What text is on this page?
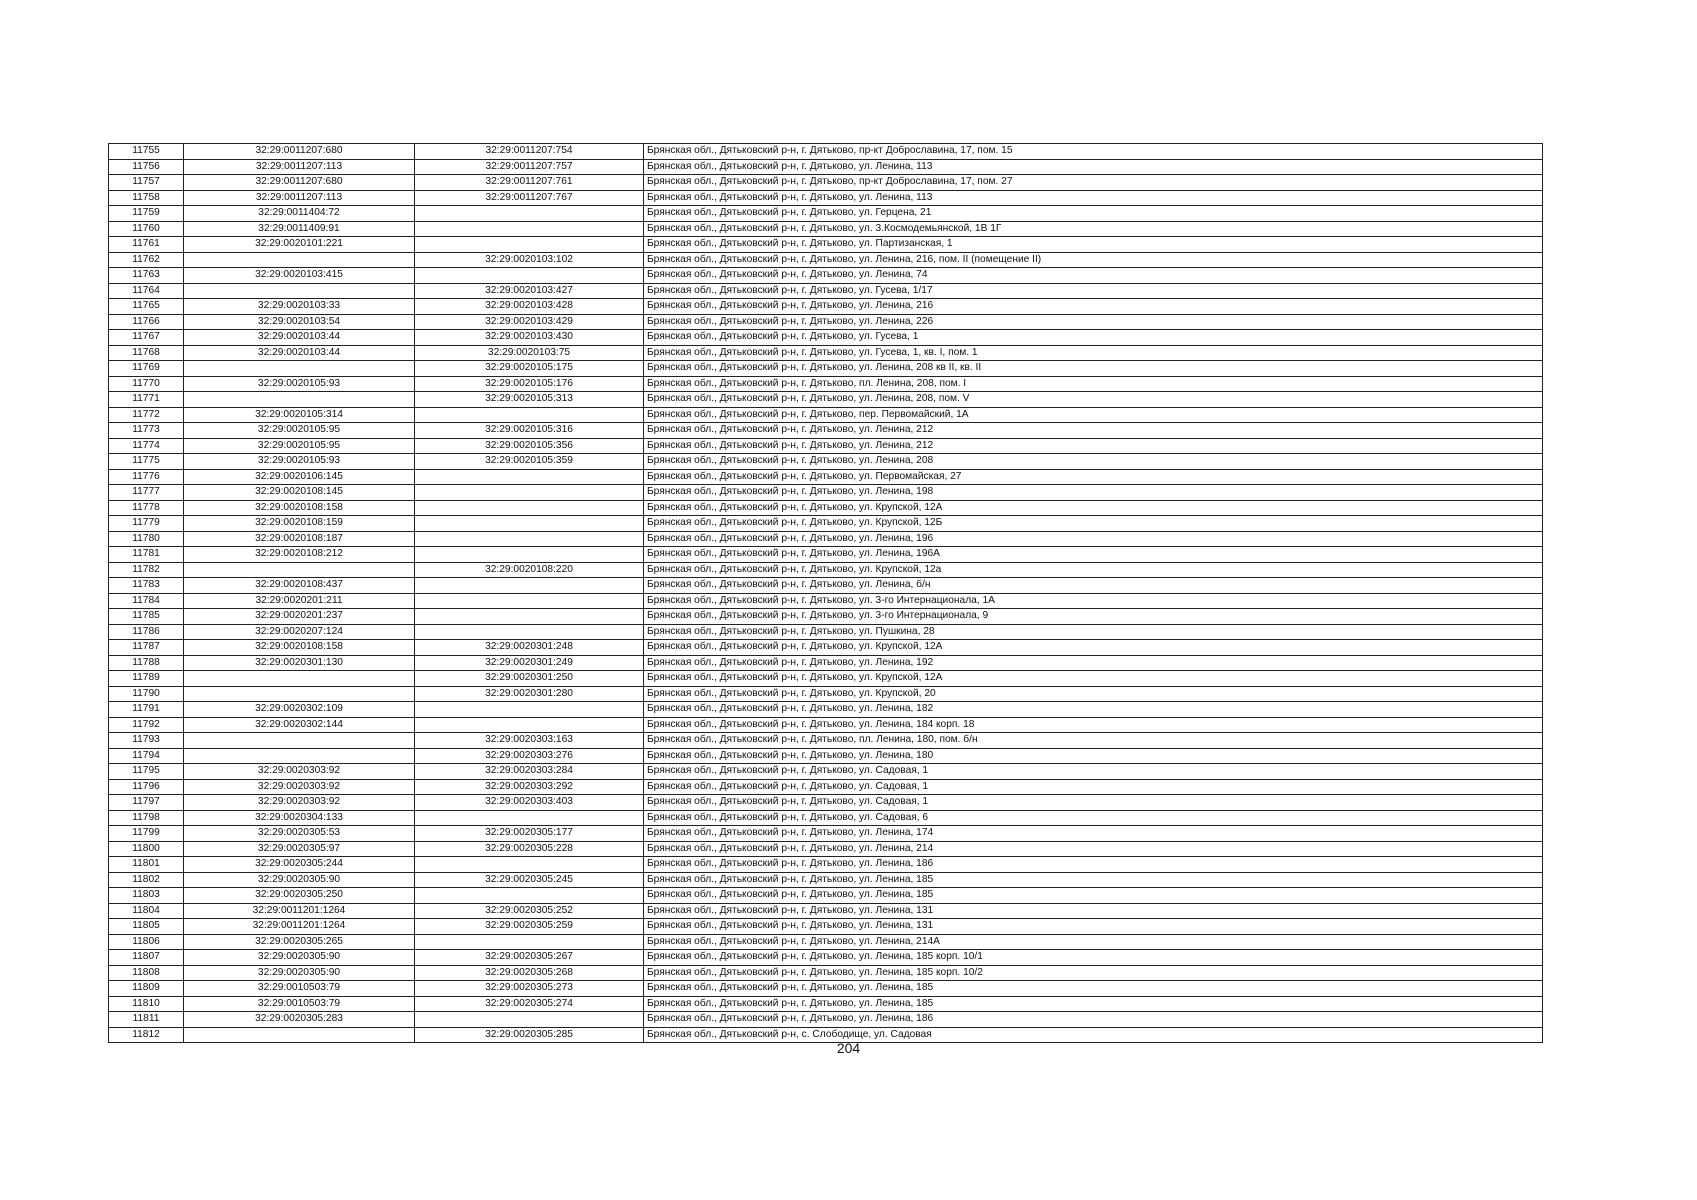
11755	32:29:0011207:680	32:29:0011207:754	Брянская обл., Дятьковский р-н, г. Дятьково, пр-кт Доброславина, 17, пом. 15
11756	32:29:0011207:113	32:29:0011207:757	Брянская обл., Дятьковский р-н, г. Дятьково, ул. Ленина, 113
11757	32:29:0011207:680	32:29:0011207:761	Брянская обл., Дятьковский р-н, г. Дятьково, пр-кт Доброславина, 17, пом. 27
11758	32:29:0011207:113	32:29:0011207:767	Брянская обл., Дятьковский р-н, г. Дятьково, ул. Ленина, 113
11759	32:29:0011404:72		Брянская обл., Дятьковский р-н, г. Дятьково, ул. Герцена, 21
11760	32:29:0011409:91		Брянская обл., Дятьковский р-н, г. Дятьково, ул. 3.Космодемьянской, 1В 1Г
11761	32:29:0020101:221		Брянская обл., Дятьковский р-н, г. Дятьково, ул. Партизанская, 1
11762		32:29:0020103:102	Брянская обл., Дятьковский р-н, г. Дятьково, ул. Ленина, 216, пом. II (помещение II)
11763	32:29:0020103:415		Брянская обл., Дятьковский р-н, г. Дятьково, ул. Ленина, 74
11764		32:29:0020103:427	Брянская обл., Дятьковский р-н, г. Дятьково, ул. Гусева, 1/17
11765	32:29:0020103:33	32:29:0020103:428	Брянская обл., Дятьковский р-н, г. Дятьково, ул. Ленина, 216
11766	32:29:0020103:54	32:29:0020103:429	Брянская обл., Дятьковский р-н, г. Дятьково, ул. Ленина, 226
11767	32:29:0020103:44	32:29:0020103:430	Брянская обл., Дятьковский р-н, г. Дятьково, ул. Гусева, 1
11768	32:29:0020103:44	32:29:0020103:75	Брянская обл., Дятьковский р-н, г. Дятьково, ул. Гусева, 1, кв. I, пом. 1
11769		32:29:0020105:175	Брянская обл., Дятьковский р-н, г. Дятьково, ул. Ленина, 208 кв II, кв. II
11770	32:29:0020105:93	32:29:0020105:176	Брянская обл., Дятьковский р-н, г. Дятьково, пл. Ленина, 208, пом. I
11771		32:29:0020105:313	Брянская обл., Дятьковский р-н, г. Дятьково, ул. Ленина, 208, пом. V
11772	32:29:0020105:314		Брянская обл., Дятьковский р-н, г. Дятьково, пер. Первомайский, 1А
11773	32:29:0020105:95	32:29:0020105:316	Брянская обл., Дятьковский р-н, г. Дятьково, ул. Ленина, 212
11774	32:29:0020105:95	32:29:0020105:356	Брянская обл., Дятьковский р-н, г. Дятьково, ул. Ленина, 212
11775	32:29:0020105:93	32:29:0020105:359	Брянская обл., Дятьковский р-н, г. Дятьково, ул. Ленина, 208
11776	32:29:0020106:145		Брянская обл., Дятьковский р-н, г. Дятьково, ул. Первомайская, 27
11777	32:29:0020108:145		Брянская обл., Дятьковский р-н, г. Дятьково, ул. Ленина, 198
11778	32:29:0020108:158		Брянская обл., Дятьковский р-н, г. Дятьково, ул. Крупской, 12А
11779	32:29:0020108:159		Брянская обл., Дятьковский р-н, г. Дятьково, ул. Крупской, 12Б
11780	32:29:0020108:187		Брянская обл., Дятьковский р-н, г. Дятьково, ул. Ленина, 196
11781	32:29:0020108:212		Брянская обл., Дятьковский р-н, г. Дятьково, ул. Ленина, 196А
11782		32:29:0020108:220	Брянская обл., Дятьковский р-н, г. Дятьково, ул. Крупской, 12а
11783	32:29:0020108:437		Брянская обл., Дятьковский р-н, г. Дятьково, ул. Ленина, б/н
11784	32:29:0020201:211		Брянская обл., Дятьковский р-н, г. Дятьково, ул. 3-го Интернационала, 1А
11785	32:29:0020201:237		Брянская обл., Дятьковский р-н, г. Дятьково, ул. 3-го Интернационала, 9
11786	32:29:0020207:124		Брянская обл., Дятьковский р-н, г. Дятьково, ул. Пушкина, 28
11787	32:29:0020108:158	32:29:0020301:248	Брянская обл., Дятьковский р-н, г. Дятьково, ул. Крупской, 12А
11788	32:29:0020301:130	32:29:0020301:249	Брянская обл., Дятьковский р-н, г. Дятьково, ул. Ленина, 192
11789		32:29:0020301:250	Брянская обл., Дятьковский р-н, г. Дятьково, ул. Крупской, 12А
11790		32:29:0020301:280	Брянская обл., Дятьковский р-н, г. Дятьково, ул. Крупской, 20
11791	32:29:0020302:109		Брянская обл., Дятьковский р-н, г. Дятьково, ул. Ленина, 182
11792	32:29:0020302:144		Брянская обл., Дятьковский р-н, г. Дятьково, ул. Ленина, 184 корп. 18
11793		32:29:0020303:163	Брянская обл., Дятьковский р-н, г. Дятьково, пл. Ленина, 180, пом. б/н
11794		32:29:0020303:276	Брянская обл., Дятьковский р-н, г. Дятьково, ул. Ленина, 180
11795	32:29:0020303:92	32:29:0020303:284	Брянская обл., Дятьковский р-н, г. Дятьково, ул. Садовая, 1
11796	32:29:0020303:92	32:29:0020303:292	Брянская обл., Дятьковский р-н, г. Дятьково, ул. Садовая, 1
11797	32:29:0020303:92	32:29:0020303:403	Брянская обл., Дятьковский р-н, г. Дятьково, ул. Садовая, 1
11798	32:29:0020304:133		Брянская обл., Дятьковский р-н, г. Дятьково, ул. Садовая, 6
11799	32:29:0020305:53	32:29:0020305:177	Брянская обл., Дятьковский р-н, г. Дятьково, ул. Ленина, 174
11800	32:29:0020305:97	32:29:0020305:228	Брянская обл., Дятьковский р-н, г. Дятьково, ул. Ленина, 214
11801	32:29:0020305:244		Брянская обл., Дятьковский р-н, г. Дятьково, ул. Ленина, 186
11802	32:29:0020305:90	32:29:0020305:245	Брянская обл., Дятьковский р-н, г. Дятьково, ул. Ленина, 185
11803	32:29:0020305:250		Брянская обл., Дятьковский р-н, г. Дятьково, ул. Ленина, 185
11804	32:29:0011201:1264	32:29:0020305:252	Брянская обл., Дятьковский р-н, г. Дятьково, ул. Ленина, 131
11805	32:29:0011201:1264	32:29:0020305:259	Брянская обл., Дятьковский р-н, г. Дятьково, ул. Ленина, 131
11806	32:29:0020305:265		Брянская обл., Дятьковский р-н, г. Дятьково, ул. Ленина, 214А
11807	32:29:0020305:90	32:29:0020305:267	Брянская обл., Дятьковский р-н, г. Дятьково, ул. Ленина, 185 корп. 10/1
11808	32:29:0020305:90	32:29:0020305:268	Брянская обл., Дятьковский р-н, г. Дятьково, ул. Ленина, 185 корп. 10/2
11809	32:29:0010503:79	32:29:0020305:273	Брянская обл., Дятьковский р-н, г. Дятьково, ул. Ленина, 185
11810	32:29:0010503:79	32:29:0020305:274	Брянская обл., Дятьковский р-н, г. Дятьково, ул. Ленина, 185
11811	32:29:0020305:283		Брянская обл., Дятьковский р-н, г. Дятьково, ул. Ленина, 186
11812		32:29:0020305:285	Брянская обл., Дятьковский р-н, с. Слободище, ул. Садовая
204
